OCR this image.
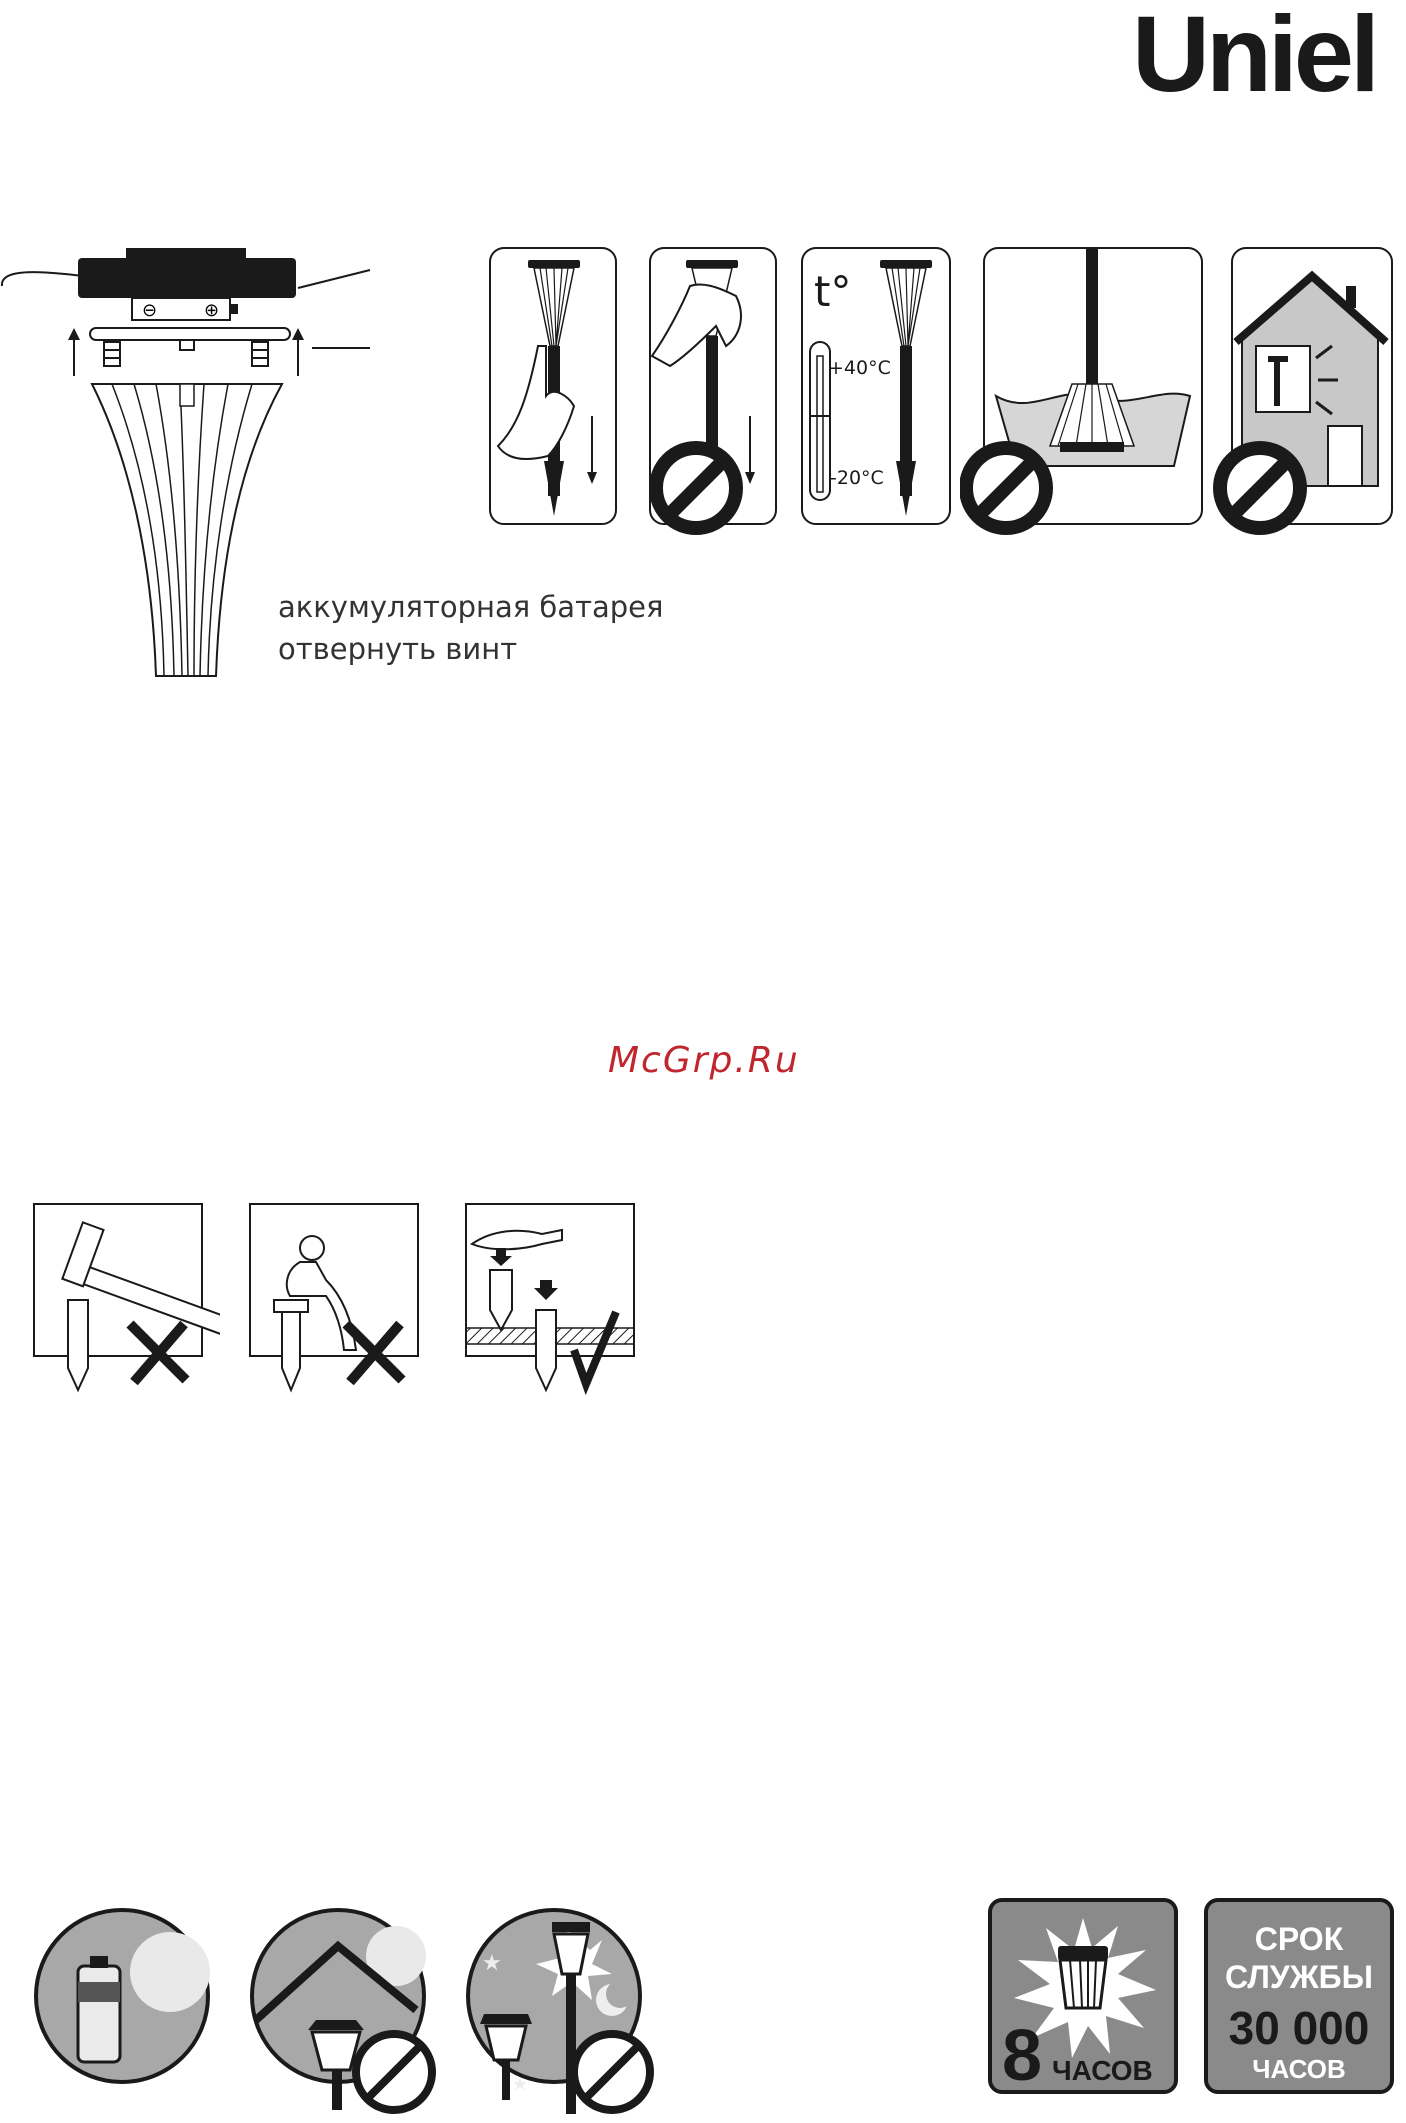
Uniel
⊖	⊕
аккумуляторная батарея
отвернуть винт
t°
+40°C
-20°C
McGrp.Ru
★
★	8 ЧАСОВ
СРОК
СЛУЖБЫ
30 000
ЧАСОВ
